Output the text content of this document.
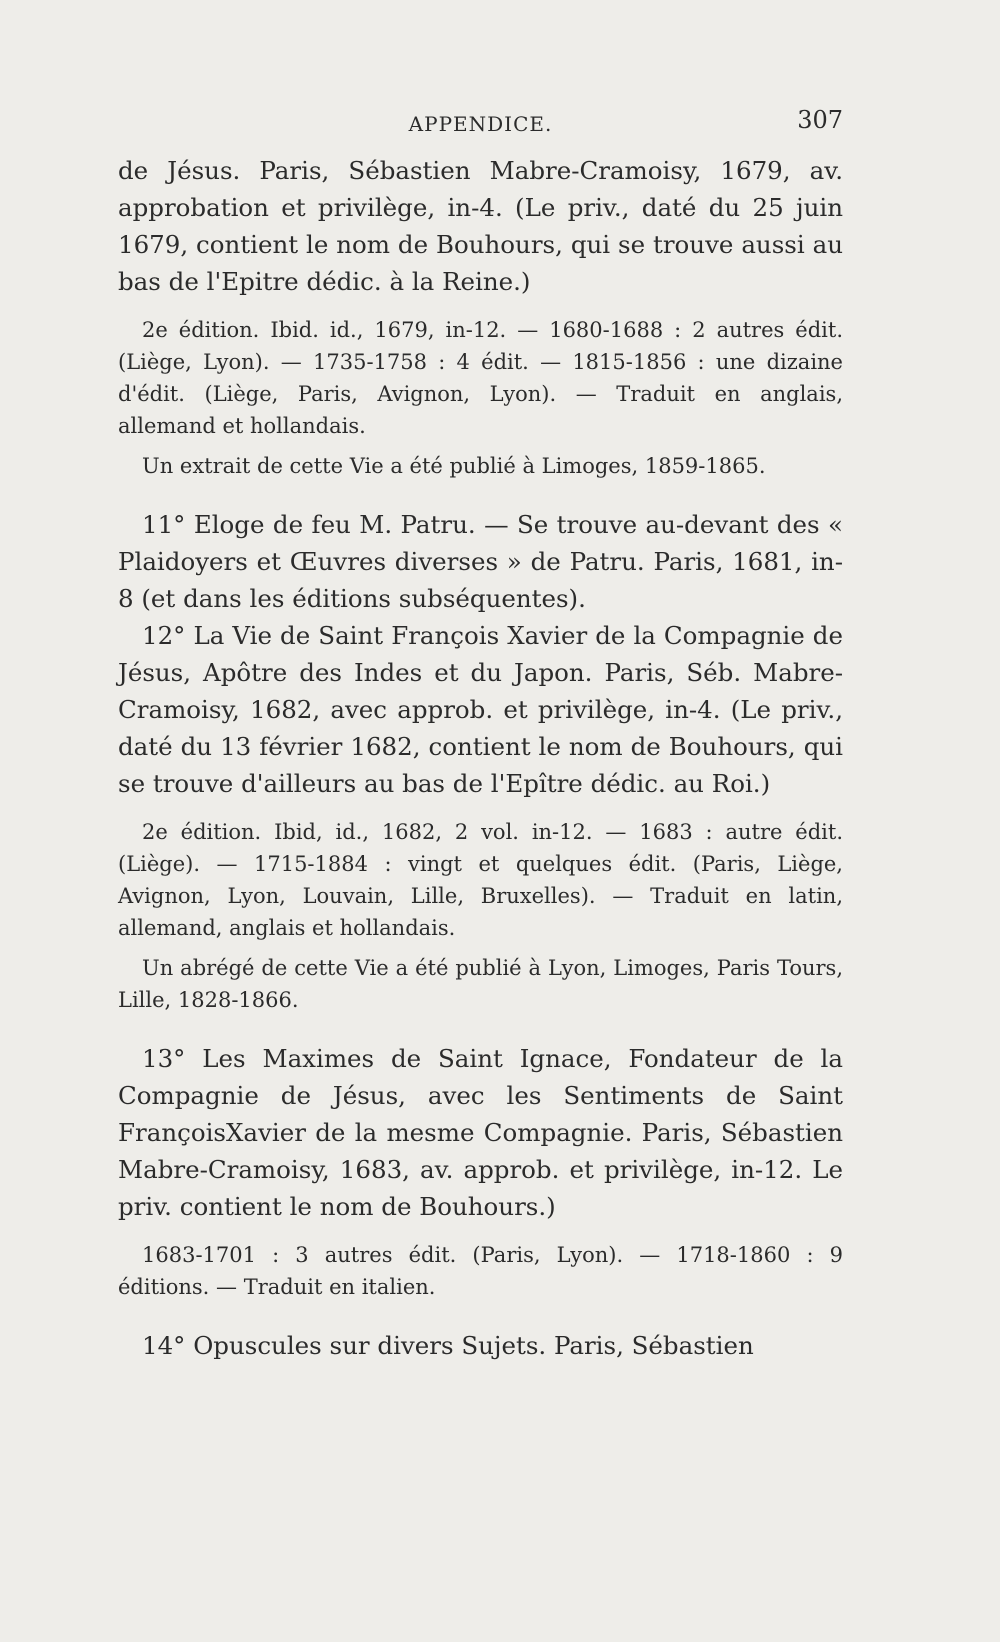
APPENDICE.	307

de Jésus. Paris, Sébastien Mabre-Cramoisy, 1679, av. approbation et privilège, in-4. (Le priv., daté du 25 juin 1679, contient le nom de Bouhours, qui se trouve aussi au bas de l'Epitre dédic. à la Reine.)

2e édition. Ibid. id., 1679, in-12. — 1680-1688 : 2 autres édit. (Liège, Lyon). — 1735-1758 : 4 édit. — 1815-1856 : une dizaine d'édit. (Liège, Paris, Avignon, Lyon). — Traduit en anglais, allemand et hollandais.

Un extrait de cette Vie a été publié à Limoges, 1859-1865.

11° Eloge de feu M. Patru. — Se trouve au-devant des « Plaidoyers et Œuvres diverses » de Patru. Paris, 1681, in-8 (et dans les éditions subséquentes).

12° La Vie de Saint François Xavier de la Compagnie de Jésus, Apôtre des Indes et du Japon. Paris, Séb. Mabre-Cramoisy, 1682, avec approb. et privilège, in-4. (Le priv., daté du 13 février 1682, contient le nom de Bouhours, qui se trouve d'ailleurs au bas de l'Epître dédic. au Roi.)

2e édition. Ibid, id., 1682, 2 vol. in-12. — 1683 : autre édit. (Liège). — 1715-1884 : vingt et quelques édit. (Paris, Liège, Avignon, Lyon, Louvain, Lille, Bruxelles). — Traduit en latin, allemand, anglais et hollandais.

Un abrégé de cette Vie a été publié à Lyon, Limoges, Paris Tours, Lille, 1828-1866.

13° Les Maximes de Saint Ignace, Fondateur de la Compagnie de Jésus, avec les Sentiments de Saint FrançoisXavier de la mesme Compagnie. Paris, Sébastien Mabre-Cramoisy, 1683, av. approb. et privilège, in-12. Le priv. contient le nom de Bouhours.)

1683-1701 : 3 autres édit. (Paris, Lyon). — 1718-1860 : 9 éditions. — Traduit en italien.

14° Opuscules sur divers Sujets. Paris, Sébastien
